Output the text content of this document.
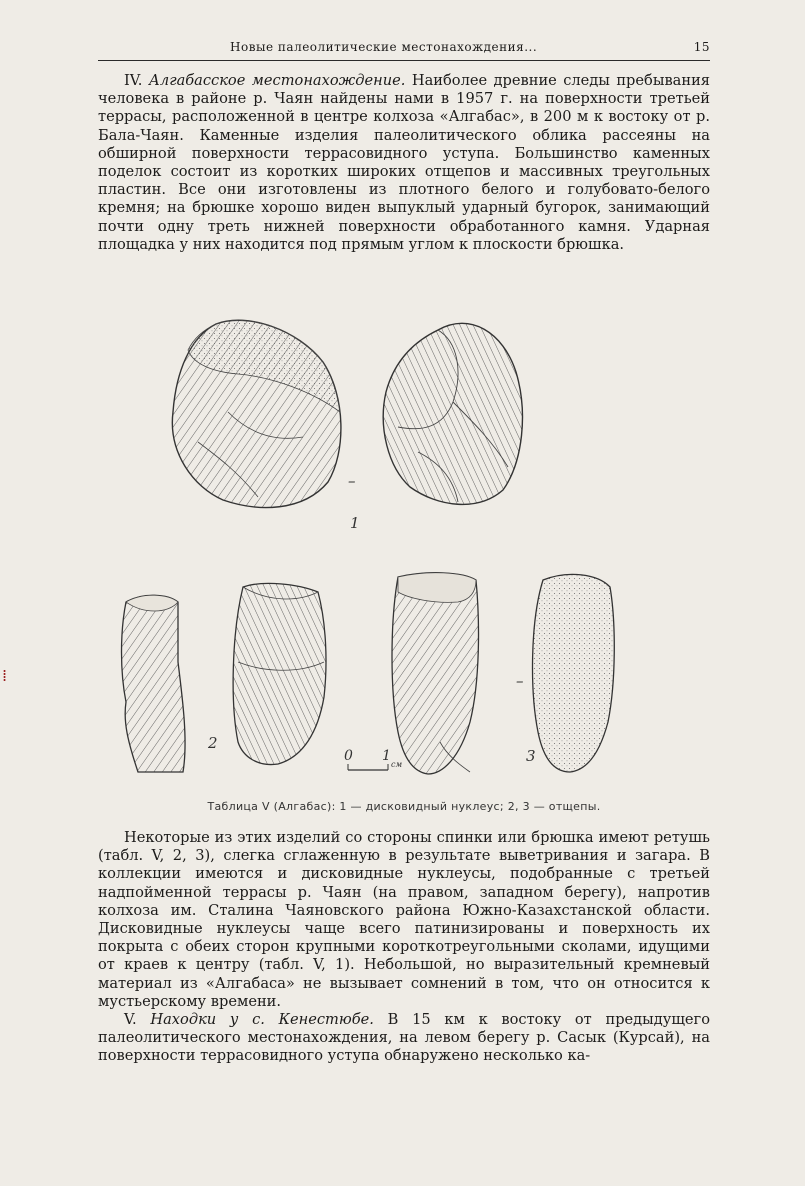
Новые палеолитические местонахождения...	15

IV. Алгабасское местонахождение. Наиболее древние следы пребывания человека в районе р. Чаян найдены нами в 1957 г. на поверхности третьей террасы, расположенной в центре колхоза «Алгабас», в 200 м к востоку от р. Бала-Чаян. Каменные изделия палеолитического облика рассеяны на обширной поверхности террасовидного уступа. Большинство каменных поделок состоит из коротких широких отщепов и массивных треугольных пластин. Все они изготовлены из плотного белого и голубовато-белого кремня; на брюшке хорошо виден выпуклый ударный бугорок, занимающий почти одну треть нижней поверхности обработанного камня. Ударная площадка у них находится под прямым углом к плоскости брюшка.

–
1
2
–
3
0 1
см
Таблица V (Алгабас): 1 — дисковидный нуклеус; 2, 3 — отщепы.

Некоторые из этих изделий со стороны спинки или брюшка имеют ретушь (табл. V, 2, 3), слегка сглаженную в результате выветривания и загара. В коллекции имеются и дисковидные нуклеусы, подобранные с третьей надпойменной террасы р. Чаян (на правом, западном берегу), напротив колхоза им. Сталина Чаяновского района Южно-Казахстанской области. Дисковидные нуклеусы чаще всего патинизированы и поверхность их покрыта с обеих сторон крупными короткотреугольными сколами, идущими от краев к центру (табл. V, 1). Небольшой, но выразительный кремневый материал из «Алгабаса» не вызывает сомнений в том, что он относится к мустьерскому времени.

V. Находки у с. Кенестюбе. В 15 км к востоку от предыдущего палеолитического местонахождения, на левом берегу р. Сасык (Курсай), на поверхности террасовидного уступа обнаружено несколько ка-

⁞
